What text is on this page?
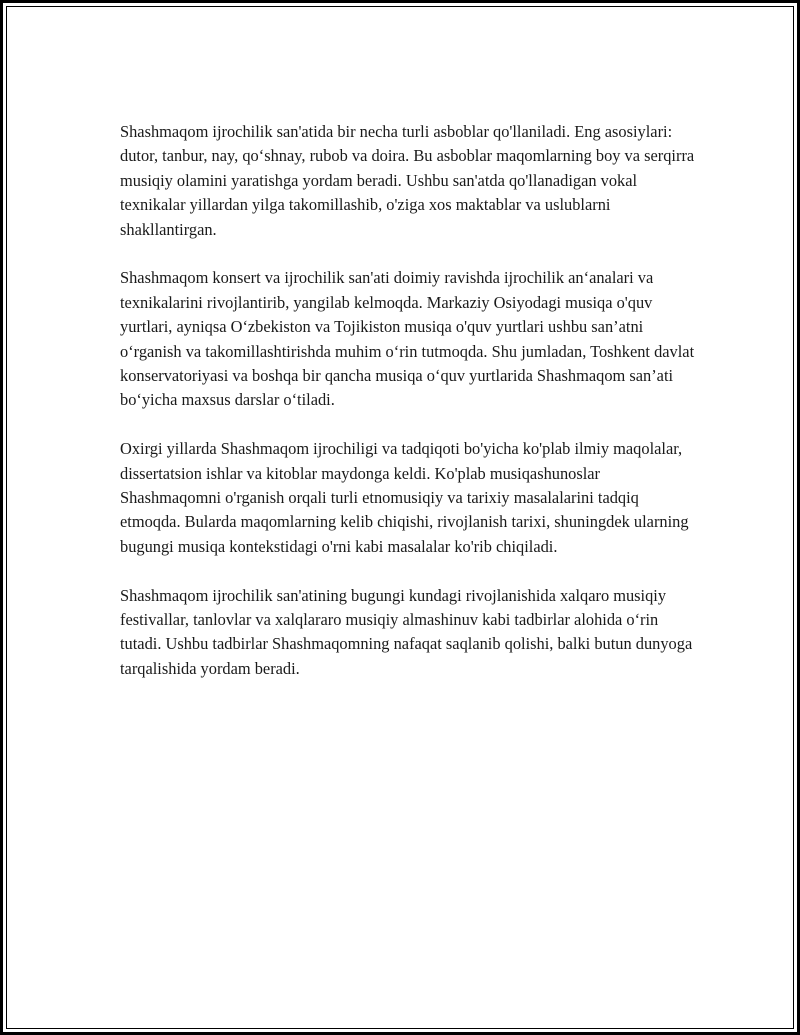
Shashmaqom ijrochilik san'atida bir necha turli asboblar qo'llaniladi. Eng asosiylari: dutor, tanbur, nay, qo‘shnay, rubob va doira. Bu asboblar maqomlarning boy va serqirra musiqiy olamini yaratishga yordam beradi. Ushbu san'atda qo'llanadigan vokal texnikalar yillardan yilga takomillashib, o'ziga xos maktablar va uslublarni shakllantirgan.

Shashmaqom konsert va ijrochilik san'ati doimiy ravishda ijrochilik an‘analari va texnikalarini rivojlantirib, yangilab kelmoqda. Markaziy Osiyodagi musiqa o'quv yurtlari, ayniqsa O‘zbekiston va Tojikiston musiqa o'quv yurtlari ushbu san’atni o‘rganish va takomillashtirishda muhim o‘rin tutmoqda. Shu jumladan, Toshkent davlat konservatoriyasi va boshqa bir qancha musiqa o‘quv yurtlarida Shashmaqom san’ati bo‘yicha maxsus darslar o‘tiladi.

Oxirgi yillarda Shashmaqom ijrochiligi va tadqiqoti bo'yicha ko'plab ilmiy maqolalar, dissertatsion ishlar va kitoblar maydonga keldi. Ko'plab musiqashunoslar Shashmaqomni o'rganish orqali turli etnomusiqiy va tarixiy masalalarini tadqiq etmoqda. Bularda maqomlarning kelib chiqishi, rivojlanish tarixi, shuningdek ularning bugungi musiqa kontekstidagi o'rni kabi masalalar ko'rib chiqiladi.

Shashmaqom ijrochilik san'atining bugungi kundagi rivojlanishida xalqaro musiqiy festivallar, tanlovlar va xalqlararo musiqiy almashinuv kabi tadbirlar alohida o‘rin tutadi. Ushbu tadbirlar Shashmaqomning nafaqat saqlanib qolishi, balki butun dunyoga tarqalishida yordam beradi.
